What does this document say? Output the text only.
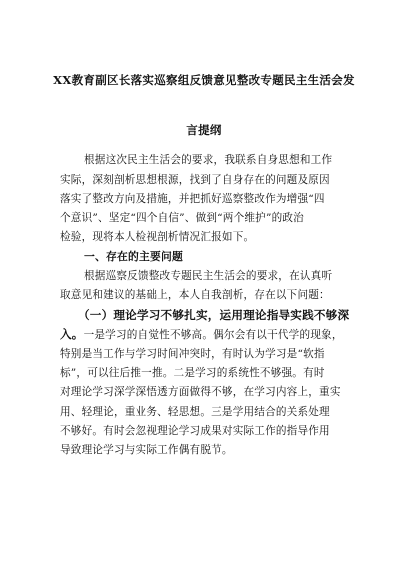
XX教育副区长落实巡察组反馈意见整改专题民主生活会发
言提纲
根据这次民主生活会的要求，我联系自身思想和工作
实际，深刻剖析思想根源，找到了自身存在的问题及原因
落实了整改方向及措施，并把抓好巡察整改作为增强“四
个意识”、坚定“四个自信”、做到“两个维护”的政治
检验，现将本人检视剖析情况汇报如下。
一、存在的主要问题
根据巡察反馈整改专题民主生活会的要求，在认真听
取意见和建议的基础上，本人自我剖析，存在以下问题：
（一）理论学习不够扎实，运用理论指导实践不够深
入。一是学习的自觉性不够高。偶尔会有以干代学的现象，
特别是当工作与学习时间冲突时，有时认为学习是“软指
标”，可以往后推一推。二是学习的系统性不够强。有时
对理论学习深学深悟透方面做得不够，在学习内容上，重实
用、轻理论，重业务、轻思想。三是学用结合的关系处理
不够好。有时会忽视理论学习成果对实际工作的指导作用
导致理论学习与实际工作偶有脱节。
